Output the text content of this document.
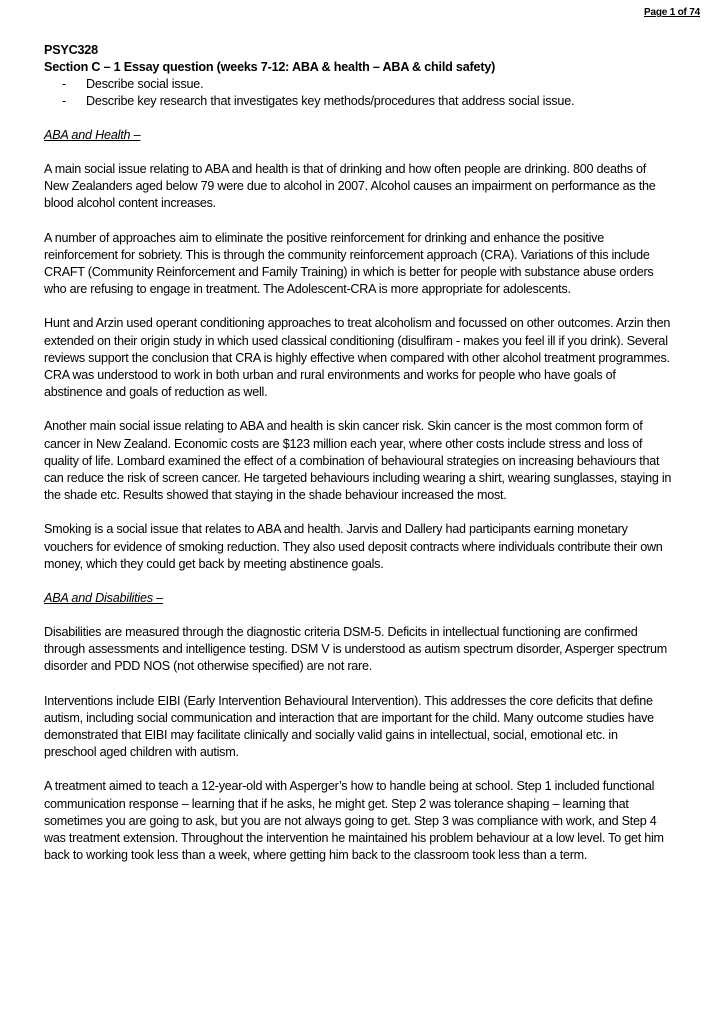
Page 1 of 74
PSYC328
Section C – 1 Essay question (weeks 7-12: ABA & health – ABA & child safety)
- Describe social issue.
- Describe key research that investigates key methods/procedures that address social issue.
ABA and Health –

A main social issue relating to ABA and health is that of drinking and how often people are drinking. 800 deaths of New Zealanders aged below 79 were due to alcohol in 2007. Alcohol causes an impairment on performance as the blood alcohol content increases.

A number of approaches aim to eliminate the positive reinforcement for drinking and enhance the positive reinforcement for sobriety. This is through the community reinforcement approach (CRA). Variations of this include CRAFT (Community Reinforcement and Family Training) in which is better for people with substance abuse orders who are refusing to engage in treatment. The Adolescent-CRA is more appropriate for adolescents.

Hunt and Arzin used operant conditioning approaches to treat alcoholism and focussed on other outcomes. Arzin then extended on their origin study in which used classical conditioning (disulfiram - makes you feel ill if you drink). Several reviews support the conclusion that CRA is highly effective when compared with other alcohol treatment programmes. CRA was understood to work in both urban and rural environments and works for people who have goals of abstinence and goals of reduction as well.

Another main social issue relating to ABA and health is skin cancer risk. Skin cancer is the most common form of cancer in New Zealand. Economic costs are $123 million each year, where other costs include stress and loss of quality of life. Lombard examined the effect of a combination of behavioural strategies on increasing behaviours that can reduce the risk of screen cancer. He targeted behaviours including wearing a shirt, wearing sunglasses, staying in the shade etc. Results showed that staying in the shade behaviour increased the most.

Smoking is a social issue that relates to ABA and health. Jarvis and Dallery had participants earning monetary vouchers for evidence of smoking reduction. They also used deposit contracts where individuals contribute their own money, which they could get back by meeting abstinence goals.

ABA and Disabilities –

Disabilities are measured through the diagnostic criteria DSM-5. Deficits in intellectual functioning are confirmed through assessments and intelligence testing. DSM V is understood as autism spectrum disorder, Asperger spectrum disorder and PDD NOS (not otherwise specified) are not rare.

Interventions include EIBI (Early Intervention Behavioural Intervention). This addresses the core deficits that define autism, including social communication and interaction that are important for the child. Many outcome studies have demonstrated that EIBI may facilitate clinically and socially valid gains in intellectual, social, emotional etc. in preschool aged children with autism.

A treatment aimed to teach a 12-year-old with Asperger’s how to handle being at school. Step 1 included functional communication response – learning that if he asks, he might get. Step 2 was tolerance shaping – learning that sometimes you are going to ask, but you are not always going to get. Step 3 was compliance with work, and Step 4 was treatment extension. Throughout the intervention he maintained his problem behaviour at a low level. To get him back to working took less than a week, where getting him back to the classroom took less than a term.
